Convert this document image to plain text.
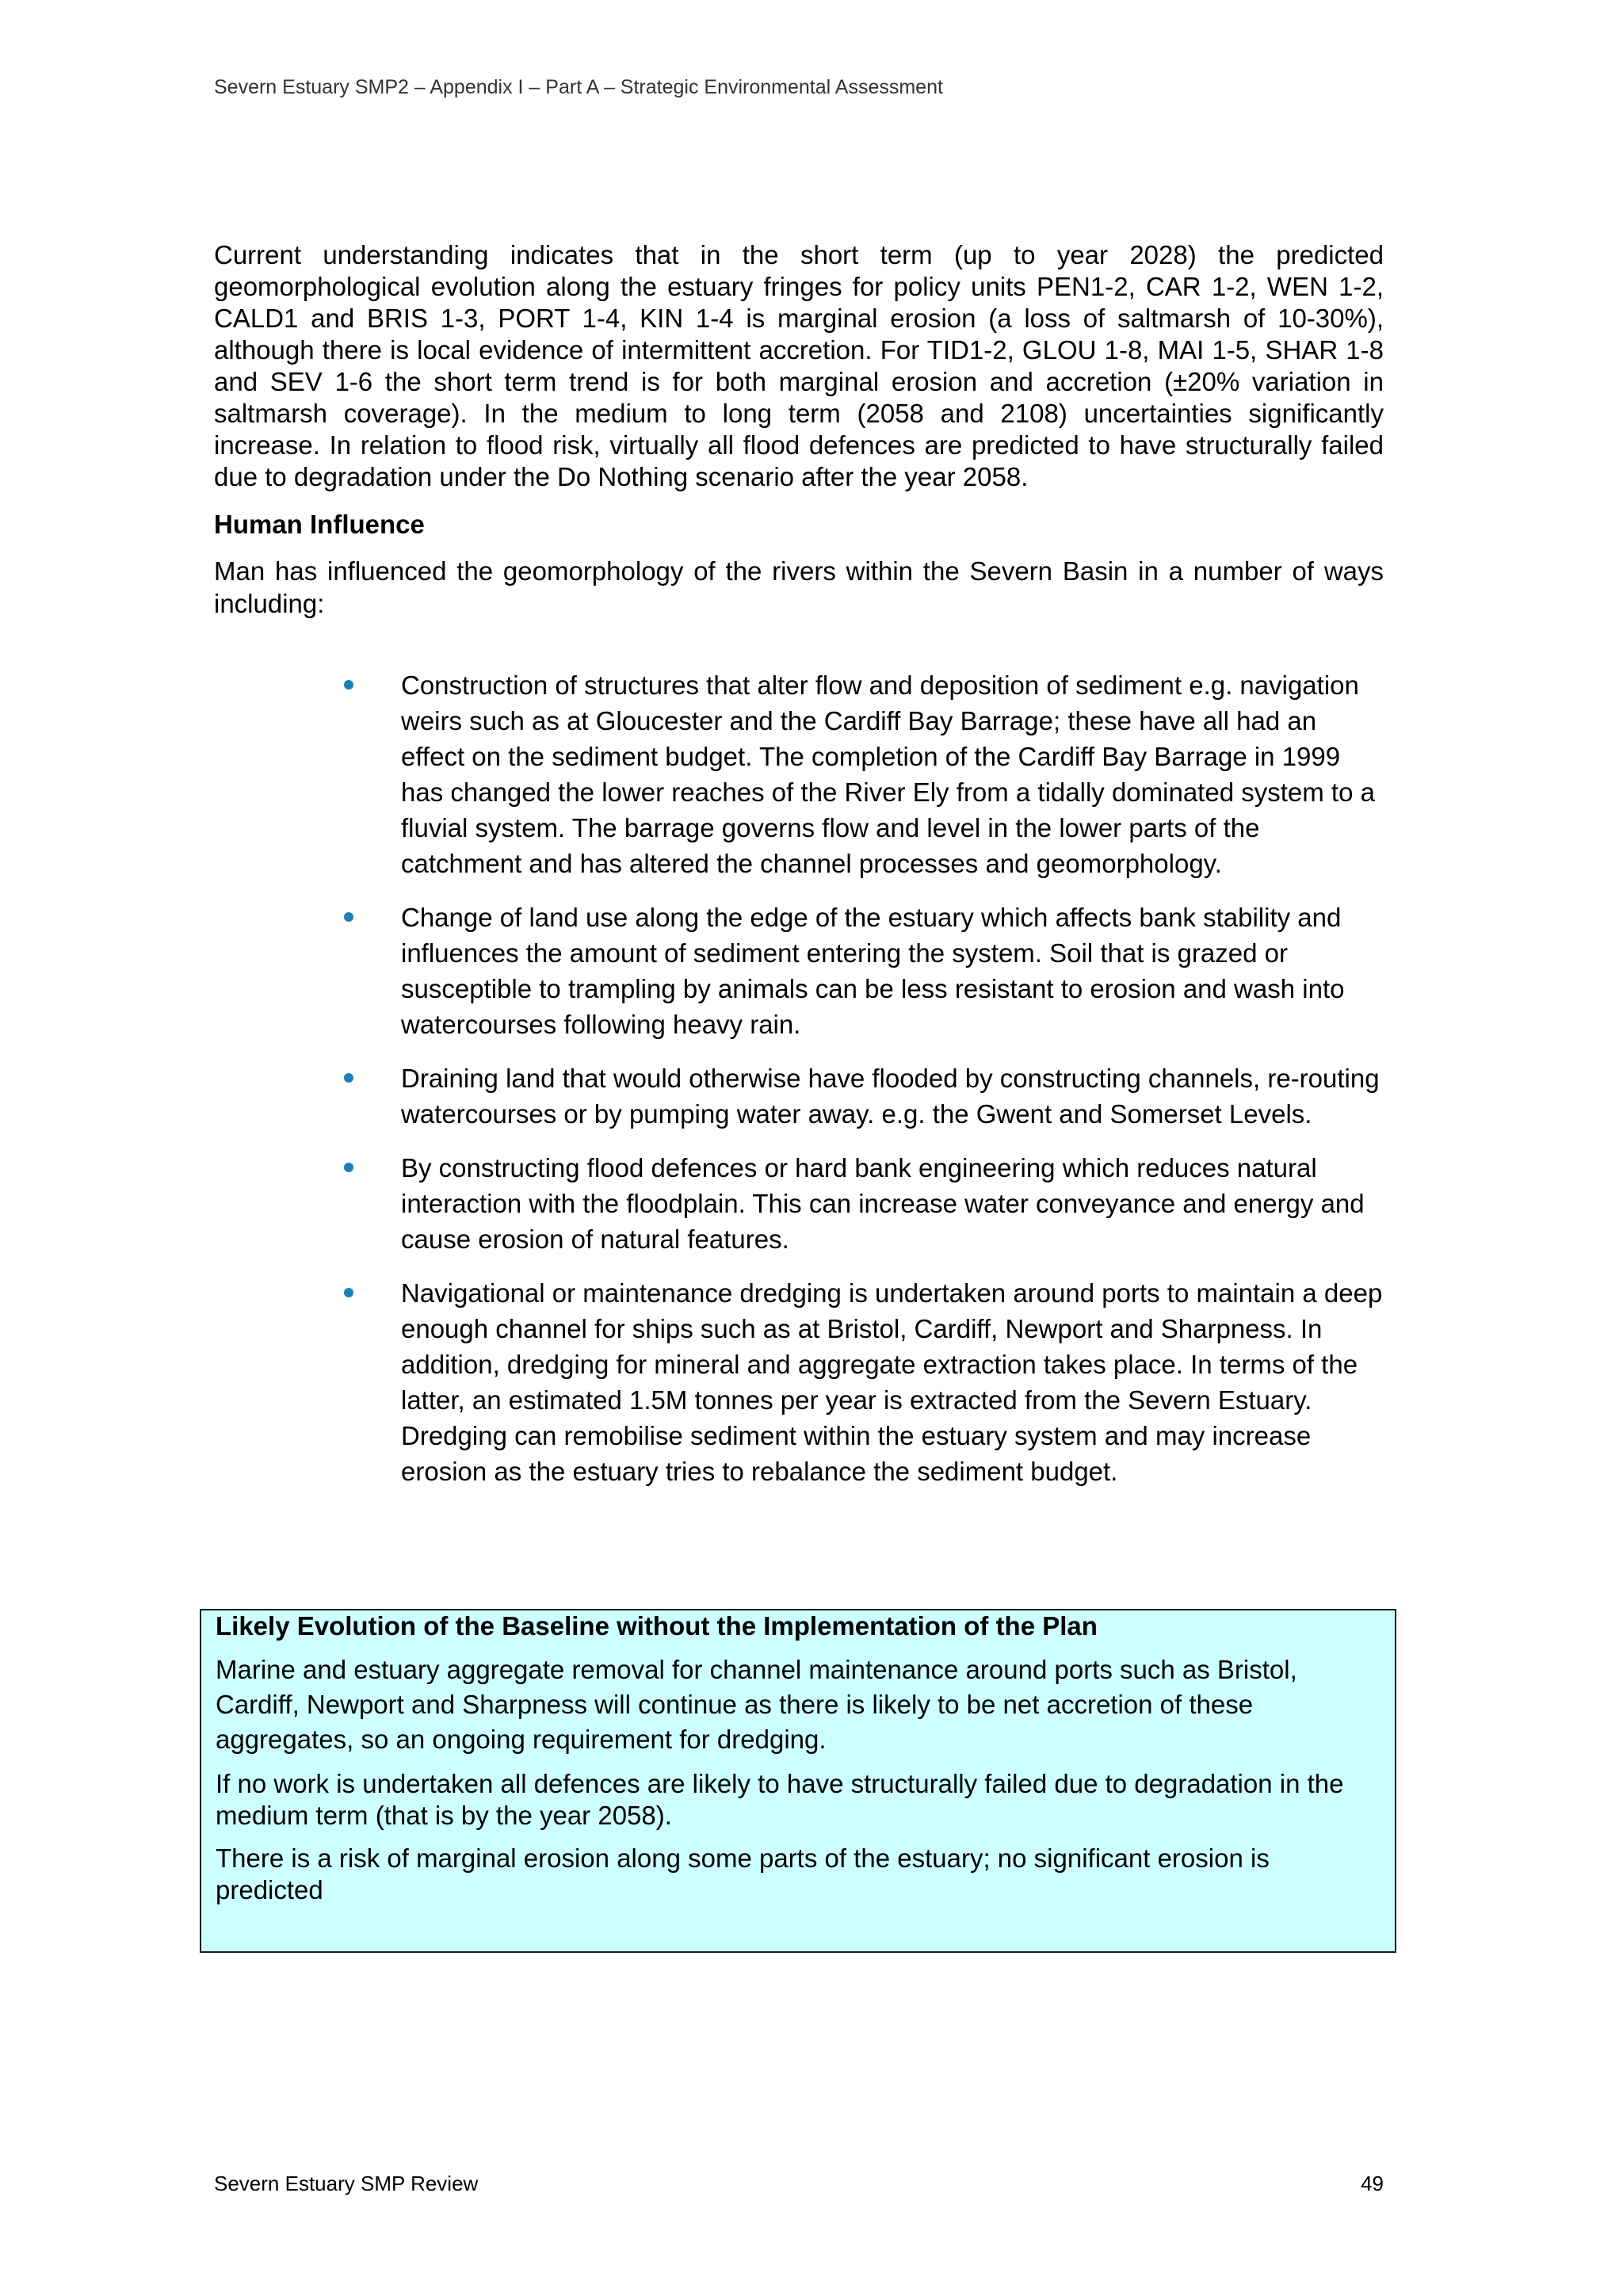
Severn Estuary SMP2 – Appendix I – Part A – Strategic Environmental Assessment

Current understanding indicates that in the short term (up to year 2028) the predicted geomorphological evolution along the estuary fringes for policy units PEN1-2, CAR 1-2, WEN 1-2, CALD1 and BRIS 1-3, PORT 1-4, KIN 1-4 is marginal erosion (a loss of saltmarsh of 10-30%), although there is local evidence of intermittent accretion. For TID1-2, GLOU 1-8, MAI 1-5, SHAR 1-8 and SEV 1-6 the short term trend is for both marginal erosion and accretion (±20% variation in saltmarsh coverage). In the medium to long term (2058 and 2108) uncertainties significantly increase. In relation to flood risk, virtually all flood defences are predicted to have structurally failed due to degradation under the Do Nothing scenario after the year 2058.

Human Influence

Man has influenced the geomorphology of the rivers within the Severn Basin in a number of ways including:

Construction of structures that alter flow and deposition of sediment e.g. navigation weirs such as at Gloucester and the Cardiff Bay Barrage; these have all had an effect on the sediment budget. The completion of the Cardiff Bay Barrage in 1999 has changed the lower reaches of the River Ely from a tidally dominated system to a fluvial system. The barrage governs flow and level in the lower parts of the catchment and has altered the channel processes and geomorphology.
Change of land use along the edge of the estuary which affects bank stability and influences the amount of sediment entering the system. Soil that is grazed or susceptible to trampling by animals can be less resistant to erosion and wash into watercourses following heavy rain.
Draining land that would otherwise have flooded by constructing channels, re-routing watercourses or by pumping water away. e.g. the Gwent and Somerset Levels.
By constructing flood defences or hard bank engineering which reduces natural interaction with the floodplain. This can increase water conveyance and energy and cause erosion of natural features.
Navigational or maintenance dredging is undertaken around ports to maintain a deep enough channel for ships such as at Bristol, Cardiff, Newport and Sharpness. In addition, dredging for mineral and aggregate extraction takes place. In terms of the latter, an estimated 1.5M tonnes per year is extracted from the Severn Estuary. Dredging can remobilise sediment within the estuary system and may increase erosion as the estuary tries to rebalance the sediment budget.
Likely Evolution of the Baseline without the Implementation of the Plan

Marine and estuary aggregate removal for channel maintenance around ports such as Bristol, Cardiff, Newport and Sharpness will continue as there is likely to be net accretion of these aggregates, so an ongoing requirement for dredging.

If no work is undertaken all defences are likely to have structurally failed due to degradation in the medium term (that is by the year 2058).

There is a risk of marginal erosion along some parts of the estuary; no significant erosion is predicted

Severn Estuary SMP Review	49
